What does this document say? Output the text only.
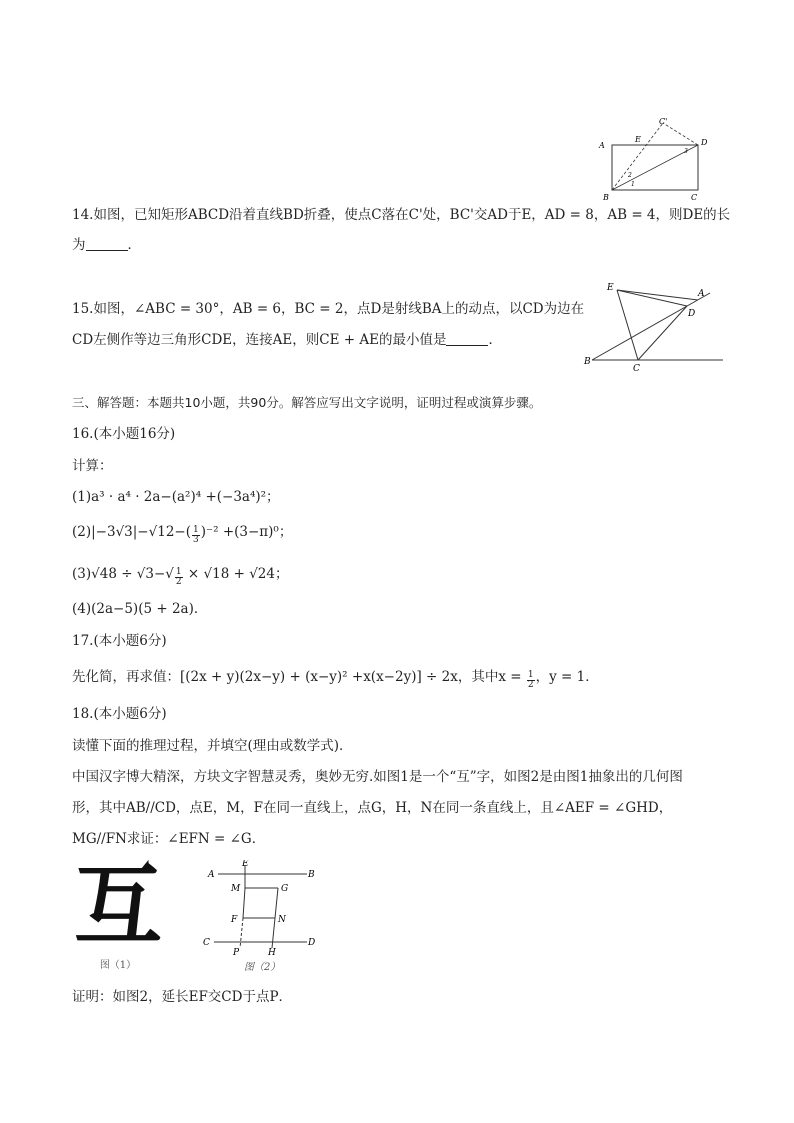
A
B	C
D
E
C'
1
2
3
14.如图，已知矩形ABCD沿着直线BD折叠，使点C落在C'处，BC'交AD于E，AD = 8，AB = 4，则DE的长
为	．
E
A
D
B
C
15.如图，∠ABC = 30°，AB = 6，BC = 2，点D是射线BA上的动点，以CD为边在
CD左侧作等边三角形CDE，连接AE，则CE + AE的最小值是	．
三、解答题：本题共10小题，共90分。解答应写出文字说明，证明过程或演算步骤。
16.(本小题16分)
计算：
(1)a³ · a⁴ · 2a−(a²)⁴ +(−3a⁴)²；
$(2)|-3√3|-√12-( \frac{1}{3} )^{-2} +(3-\pi)^0$；
$(3)√48 \div √3-√ \frac{1}{2} \times √18 + √24$；
(4)(2a−5)(5 + 2a)．
17.(本小题6分)
先化简，再求值：[(2x + y)(2x−y) + (x−y)² +x(x−2y)] ÷ 2x，其中$x = \frac{1}{2}$ ，y = 1．
18.(本小题6分)
读懂下面的推理过程，并填空(理由或数学式)．
中国汉字博大精深，方块文字智慧灵秀，奥妙无穷.如图1是一个“互”字，如图2是由图1抽象出的几何图
形，其中AB//CD，点E，M，F在同一直线上，点G，H，N在同一条直线上，且∠AEF = ∠GHD，
MG//FN求证：∠EFN = ∠G．
互
图（1）
A	B
E
M	G
F	N
C	D
P	H
图（2）
证明：如图2，延长EF交CD于点P．
